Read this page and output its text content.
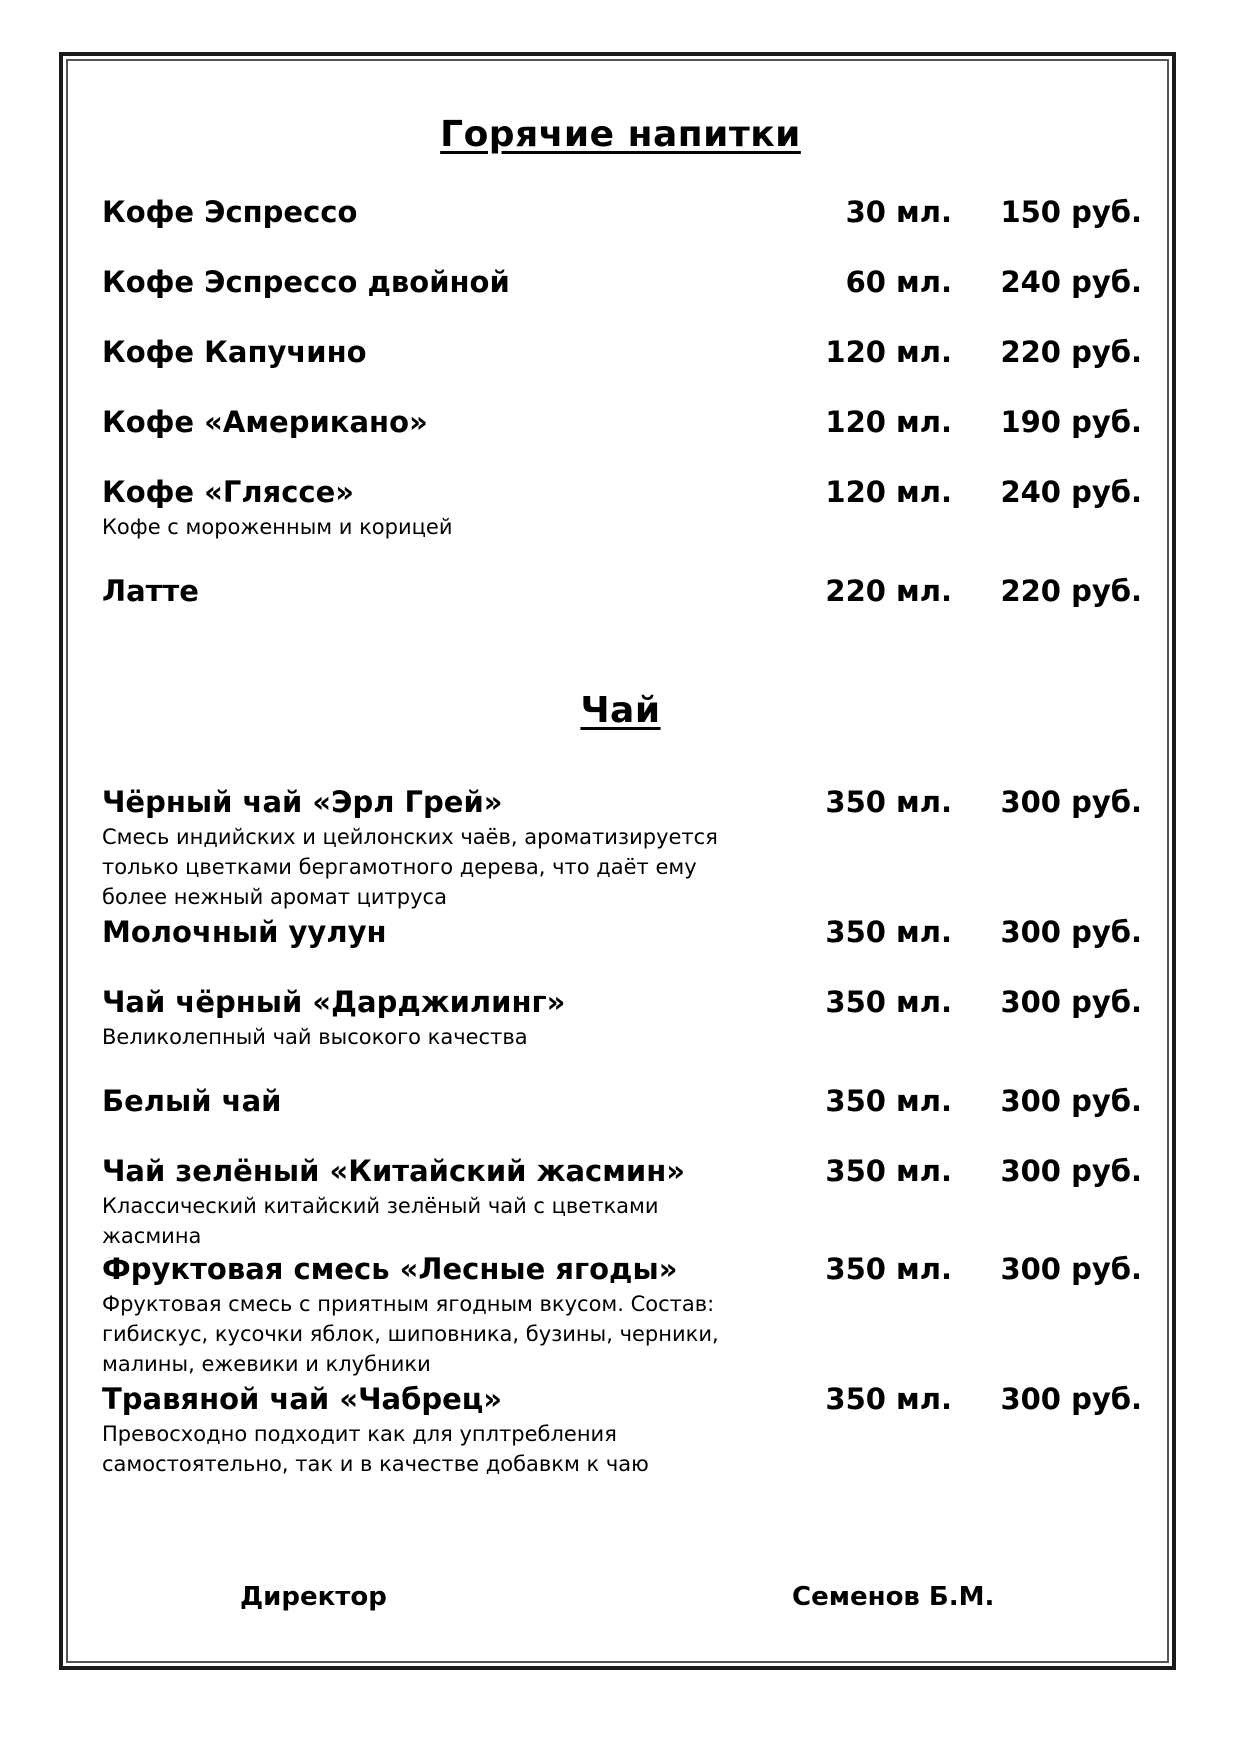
Горячие напитки
Кофе Эспрессо	30 мл. 150 руб.
Кофе Эспрессо двойной	60 мл. 240 руб.
Кофе Капучино	120 мл. 220 руб.
Кофе «Американо»	120 мл. 190 руб.
Кофе «Гляссе»	120 мл. 240 руб.
Кофе с мороженным и корицей
Латте	220 мл. 220 руб.
Чай
Чёрный чай «Эрл Грей»	350 мл. 300 руб.
Смесь индийских и цейлонских чаёв, ароматизируется только цветками бергамотного дерева, что даёт ему более нежный аромат цитруса
Молочный уулун	350 мл. 300 руб.
Чай чёрный «Дарджилинг»	350 мл. 300 руб.
Великолепный чай высокого качества
Белый чай	350 мл. 300 руб.
Чай зелёный «Китайский жасмин»	350 мл. 300 руб.
Классический китайский зелёный чай с цветками жасмина
Фруктовая смесь «Лесные ягоды»	350 мл. 300 руб.
Фруктовая смесь с приятным ягодным вкусом. Состав: гибискус, кусочки яблок, шиповника, бузины, черники, малины, ежевики и клубники
Травяной чай «Чабрец»	350 мл. 300 руб.
Превосходно подходит как для уплтребления самостоятельно, так и в качестве добавкм к чаю
Директор	Семенов Б.М.
